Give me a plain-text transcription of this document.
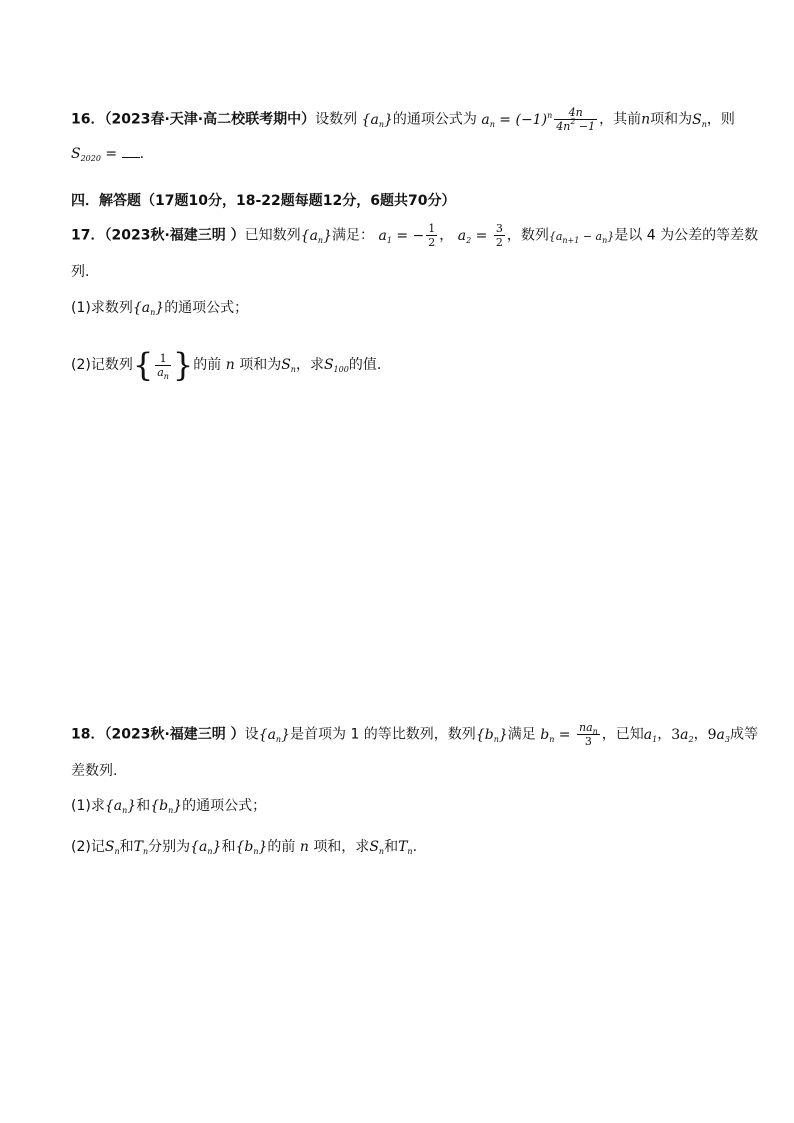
16．（2023春·天津·高二校联考期中）设数列 $\{a_n\}$的通项公式为 $a_n = (-1)^n \frac{4n}{4n^2 -1}$ ，其前n项和为$S_n$，则
$S_{2020}$ = .
四．解答题（17题10分，18-22题每题12分，6题共70分）
17．（2023秋·福建三明 ）已知数列$\{a_n\}$满足： $a_1$ = − $\frac{1}{2}$ ， $a_2 = \frac{3}{2}$ ，数列$\{a_{n+1} - a_n\}$是以 4 为公差的等差数
列.
(1)求数列$\{a_n\}$的通项公式；
(2)记数列{ $\frac{1}{a_n}$ }的前 n 项和为$S_n$，求$S_{100}$的值.
18．（2023秋·福建三明 ）设$\{a_n\}$是首项为 1 的等比数列，数列$\{b_n\}$满足 $b_n = \frac{na_n}{3}$ ，已知$a_1$，$3a_2$，$9a_3$成等
差数列.
(1)求$\{a_n\}$和$\{b_n\}$的通项公式；
(2)记$S_n$和$T_n$分别为$\{a_n\}$和$\{b_n\}$的前 n 项和，求$S_n$和$T_n$.
